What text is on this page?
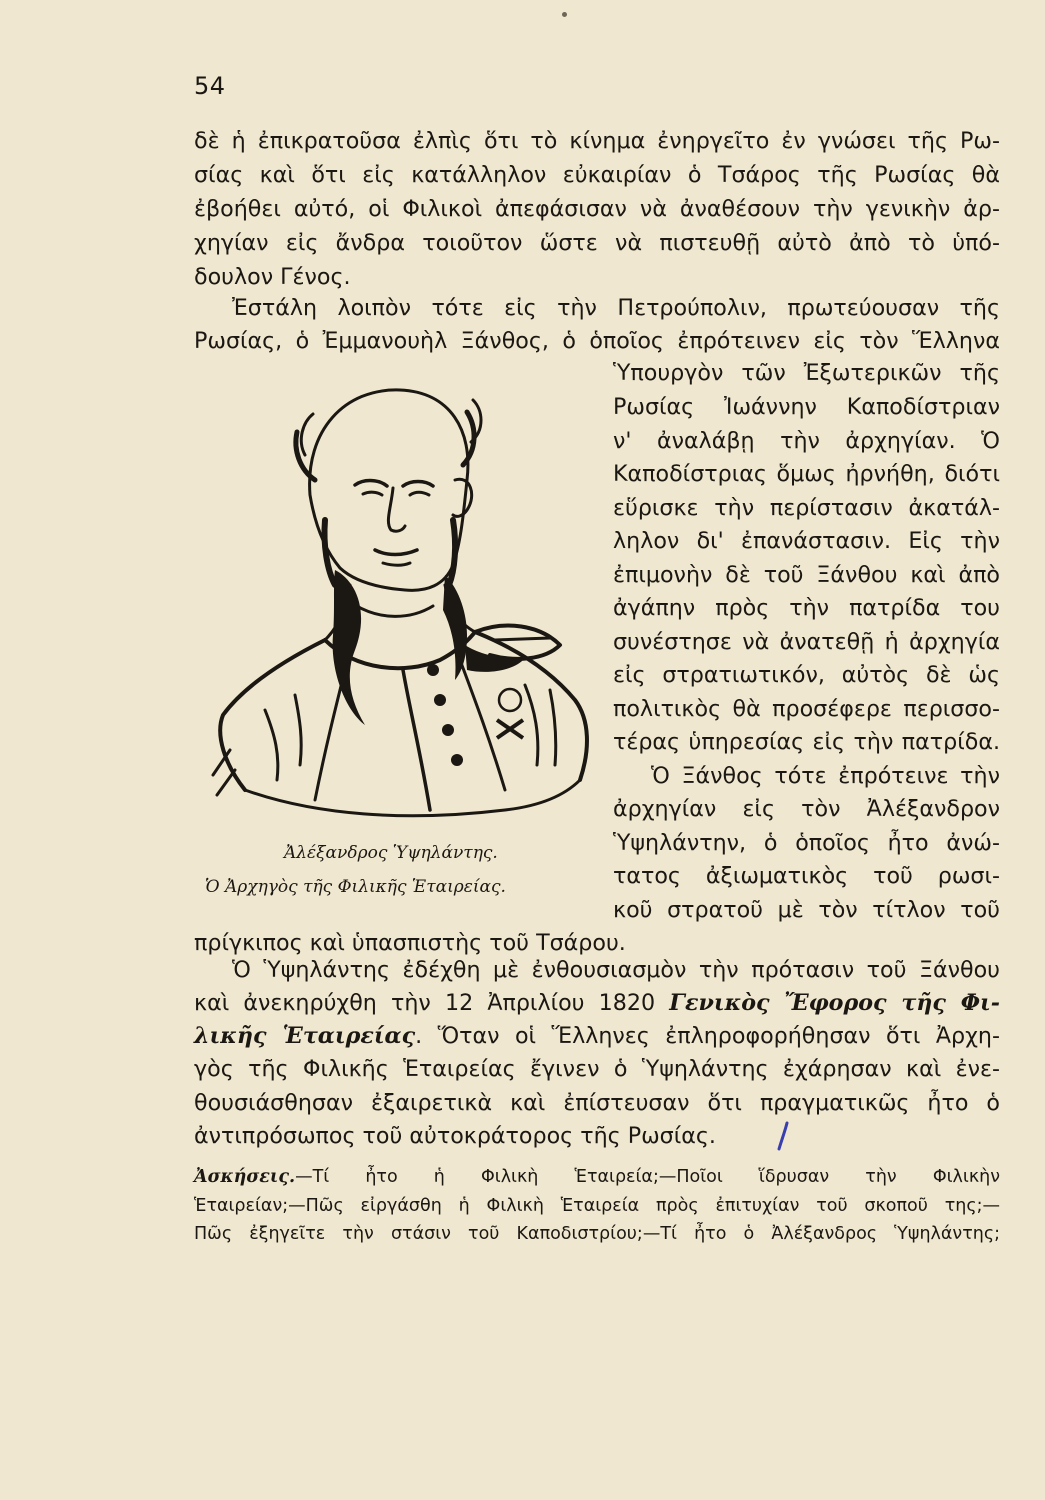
54
δὲ ἡ ἐπικρατοῦσα ἐλπὶς ὅτι τὸ κίνημα ἐνηργεῖτο ἐν γνώσει τῆς Ρω-
σίας καὶ ὅτι εἰς κατάλληλον εὐκαιρίαν ὁ Τσάρος τῆς Ρωσίας θὰ
ἐβοήθει αὐτό, οἱ Φιλικοὶ ἀπεφάσισαν νὰ ἀναθέσουν τὴν γενικὴν ἀρ-
χηγίαν εἰς ἄνδρα τοιοῦτον ὥστε νὰ πιστευθῇ αὐτὸ ἀπὸ τὸ ὑπό-
δουλον Γένος.
Ἐστάλη λοιπὸν τότε εἰς τὴν Πετρούπολιν, πρωτεύουσαν τῆς
Ρωσίας, ὁ Ἐμμανουὴλ Ξάνθος, ὁ ὁποῖος ἐπρότεινεν εἰς τὸν Ἕλληνα
Ὑπουργὸν τῶν Ἐξωτερικῶν τῆς
Ρωσίας Ἰωάννην Καποδίστριαν
ν' ἀναλάβῃ τὴν ἀρχηγίαν. Ὁ
Καποδίστριας ὅμως ἠρνήθη, διότι
εὕρισκε τὴν περίστασιν ἀκατάλ-
ληλον δι' ἐπανάστασιν. Εἰς τὴν
ἐπιμονὴν δὲ τοῦ Ξάνθου καὶ ἀπὸ
ἀγάπην πρὸς τὴν πατρίδα του
συνέστησε νὰ ἀνατεθῇ ἡ ἀρχηγία
εἰς στρατιωτικόν, αὐτὸς δὲ ὡς
πολιτικὸς θὰ προσέφερε περισσο-
τέρας ὑπηρεσίας εἰς τὴν πατρίδα.
Ὁ Ξάνθος τότε ἐπρότεινε τὴν
ἀρχηγίαν εἰς τὸν Ἀλέξανδρον
Ὑψηλάντην, ὁ ὁποῖος ἦτο ἀνώ-
τατος ἀξιωματικὸς τοῦ ρωσι-
κοῦ στρατοῦ μὲ τὸν τίτλον τοῦ
πρίγκιπος καὶ ὑπασπιστὴς τοῦ Τσάρου.
Ἀλέξανδρος Ὑψηλάντης.
Ὁ Ἀρχηγὸς τῆς Φιλικῆς Ἑταιρείας.
Ὁ Ὑψηλάντης ἐδέχθη μὲ ἐνθουσιασμὸν τὴν πρότασιν τοῦ Ξάνθου
καὶ ἀνεκηρύχθη τὴν 12 Ἀπριλίου 1820 Γενικὸς Ἔφορος τῆς Φι-
λικῆς Ἑταιρείας. Ὅταν οἱ Ἕλληνες ἐπληροφορήθησαν ὅτι Ἀρχη-
γὸς τῆς Φιλικῆς Ἑταιρείας ἔγινεν ὁ Ὑψηλάντης ἐχάρησαν καὶ ἐνε-
θουσιάσθησαν ἐξαιρετικὰ καὶ ἐπίστευσαν ὅτι πραγματικῶς ἦτο ὁ
ἀντιπρόσωπος τοῦ αὐτοκράτορος τῆς Ρωσίας.
Ἀσκήσεις.—Τί ἦτο ἡ Φιλικὴ Ἑταιρεία;—Ποῖοι ἵδρυσαν τὴν Φιλικὴν
Ἑταιρείαν;—Πῶς εἰργάσθη ἡ Φιλικὴ Ἑταιρεία πρὸς ἐπιτυχίαν τοῦ σκοποῦ της;—
Πῶς ἐξηγεῖτε τὴν στάσιν τοῦ Καποδιστρίου;—Τί ἦτο ὁ Ἀλέξανδρος Ὑψηλάντης;
